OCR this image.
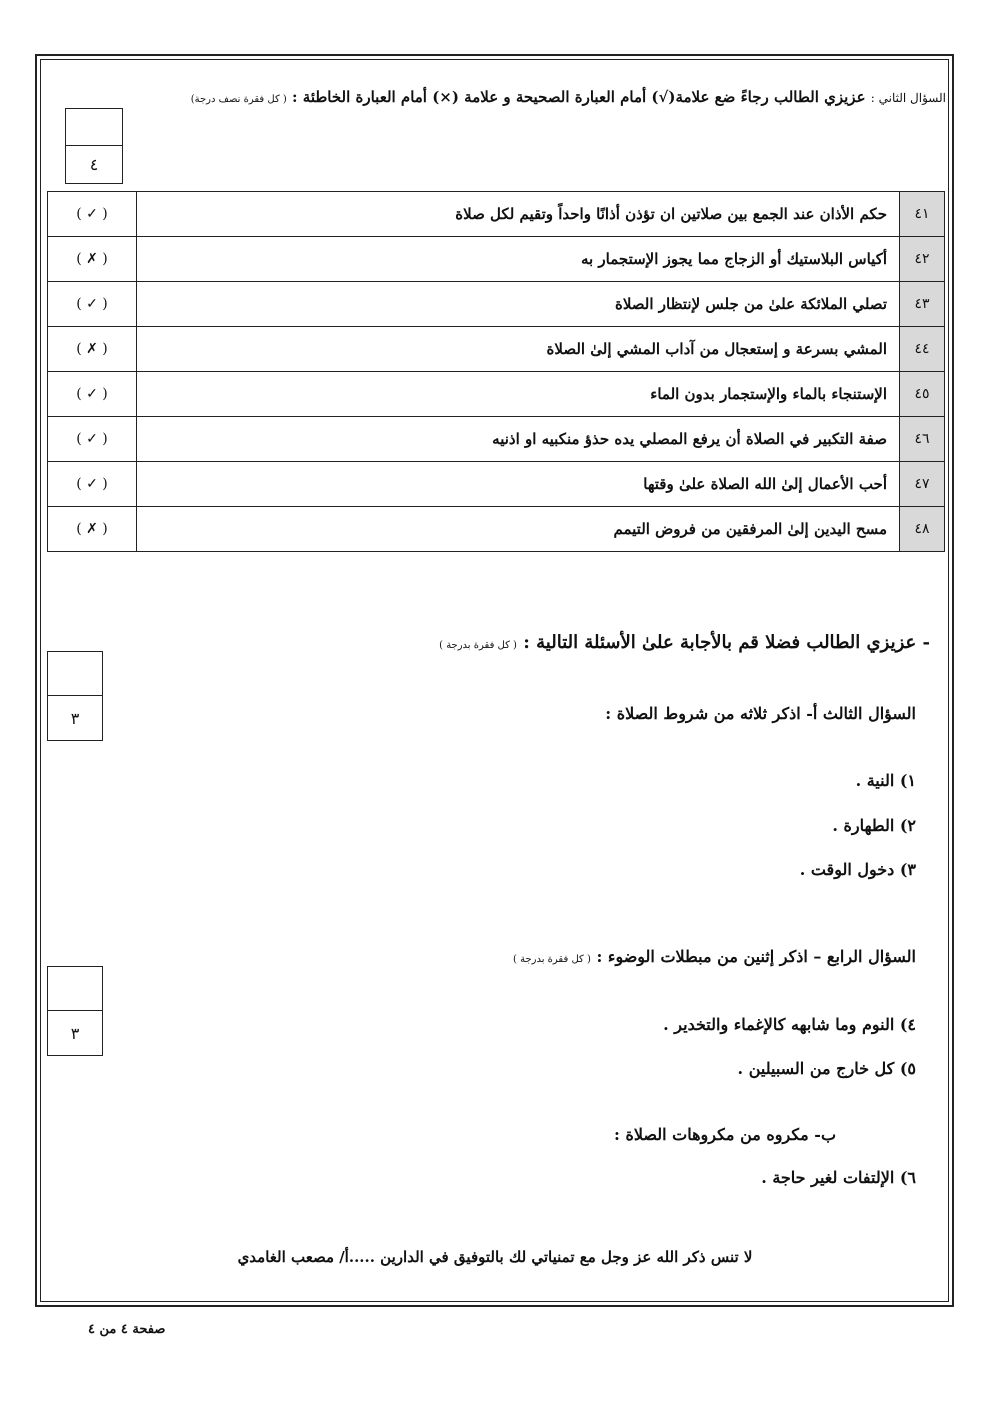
السؤال الثاني : عزيزي الطالب رجاءً ضع علامة(√) أمام العبارة الصحيحة و علامة (×) أمام العبارة الخاطئة : ( كل فقرة نصف درجة)
٤
٤١	حكم الأذان عند الجمع بين صلاتين ان تؤذن أذانًا واحداً وتقيم لكل صلاة	( ✓ )
٤٢	أكياس البلاستيك أو الزجاج مما يجوز الإستجمار به	( ✗ )
٤٣	تصلي الملائكة علىٰ من جلس لإنتظار الصلاة	( ✓ )
٤٤	المشي بسرعة و إستعجال من آداب المشي إلىٰ الصلاة	( ✗ )
٤٥	الإستنجاء بالماء والإستجمار بدون الماء	( ✓ )
٤٦	صفة التكبير في الصلاة أن يرفع المصلي يده حذؤ منكبيه او اذنيه	( ✓ )
٤٧	أحب الأعمال إلىٰ الله الصلاة علىٰ وقتها	( ✓ )
٤٨	مسح اليدين إلىٰ المرفقين من فروض التيمم	( ✗ )
- عزيزي الطالب فضلا قم بالأجابة علىٰ الأسئلة التالية : ( كل فقرة بدرجة )
٣	السؤال الثالث أ- اذكر ثلاثه من شروط الصلاة :
١) النية .
٢) الطهارة .
٣) دخول الوقت .
السؤال الرابع – اذكر إثنين من مبطلات الوضوء : ( كل فقرة بدرجة )
٣	٤) النوم وما شابهه كالإغماء والتخدير .
٥) كل خارج من السبيلين .
ب- مكروه من مكروهات الصلاة :
٦) الإلتفات لغير حاجة .
لا تنس ذكر الله عز وجل مع تمنياتي لك بالتوفيق في الدارين .....أ/ مصعب الغامدي
صفحة ٤ من ٤
